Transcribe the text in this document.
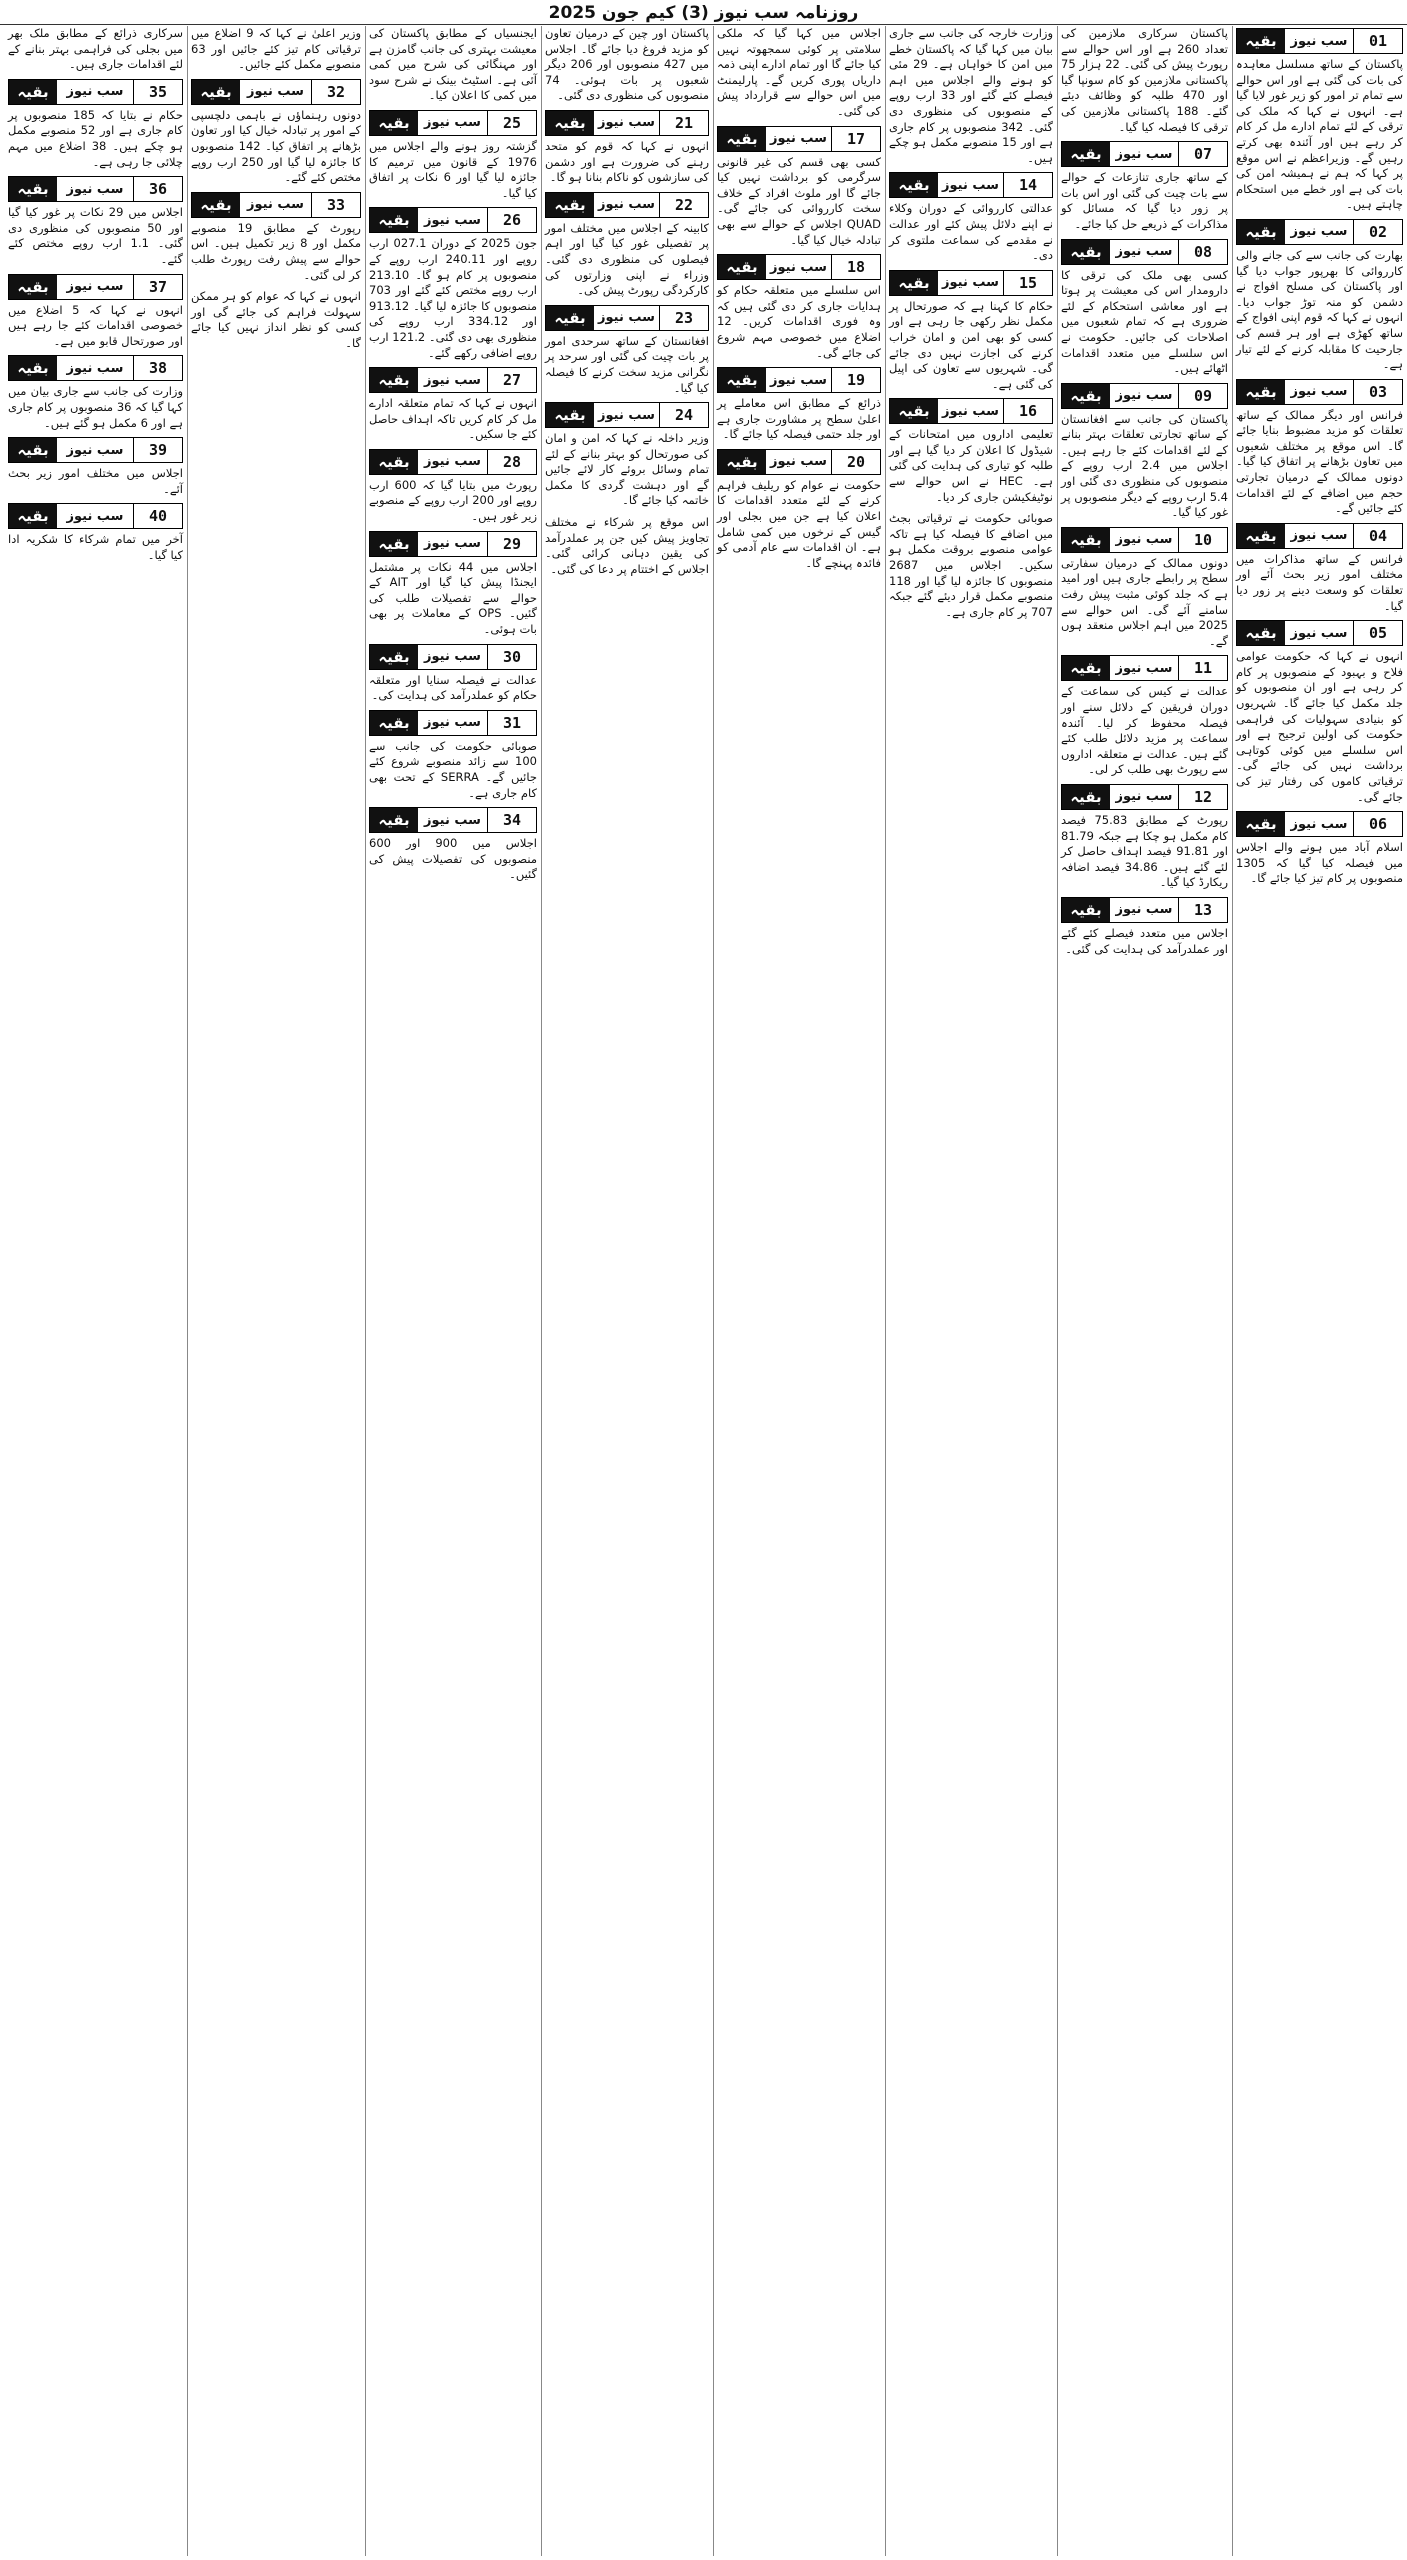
روزنامہ سب نیوز (3) کیم جون 2025
01
سب نیوز
بقیہ

پاکستان کے ساتھ مسلسل معاہدہ کی بات کی گئی ہے اور اس حوالے سے تمام تر امور کو زیر غور لایا گیا ہے۔ انہوں نے کہا کہ ملک کی ترقی کے لئے تمام ادارے مل کر کام کر رہے ہیں اور آئندہ بھی کرتے رہیں گے۔ وزیراعظم نے اس موقع پر کہا کہ ہم نے ہمیشہ امن کی بات کی ہے اور خطے میں استحکام چاہتے ہیں۔

02
سب نیوز
بقیہ

بھارت کی جانب سے کی جانے والی کارروائی کا بھرپور جواب دیا گیا اور پاکستان کی مسلح افواج نے دشمن کو منہ توڑ جواب دیا۔ انہوں نے کہا کہ قوم اپنی افواج کے ساتھ کھڑی ہے اور ہر قسم کی جارحیت کا مقابلہ کرنے کے لئے تیار ہے۔

03
سب نیوز
بقیہ

فرانس اور دیگر ممالک کے ساتھ تعلقات کو مزید مضبوط بنایا جائے گا۔ اس موقع پر مختلف شعبوں میں تعاون بڑھانے پر اتفاق کیا گیا۔ دونوں ممالک کے درمیان تجارتی حجم میں اضافے کے لئے اقدامات کئے جائیں گے۔

04
سب نیوز
بقیہ

فرانس کے ساتھ مذاکرات میں مختلف امور زیر بحث آئے اور تعلقات کو وسعت دینے پر زور دیا گیا۔

05
سب نیوز
بقیہ

انہوں نے کہا کہ حکومت عوامی فلاح و بہبود کے منصوبوں پر کام کر رہی ہے اور ان منصوبوں کو جلد مکمل کیا جائے گا۔ شہریوں کو بنیادی سہولیات کی فراہمی حکومت کی اولین ترجیح ہے اور اس سلسلے میں کوئی کوتاہی برداشت نہیں کی جائے گی۔ ترقیاتی کاموں کی رفتار تیز کی جائے گی۔

06
سب نیوز
بقیہ

اسلام آباد میں ہونے والے اجلاس میں فیصلہ کیا گیا کہ 1305 منصوبوں پر کام تیز کیا جائے گا۔

پاکستان سرکاری ملازمین کی تعداد 260 ہے اور اس حوالے سے رپورٹ پیش کی گئی۔ 22 ہزار 75 پاکستانی ملازمین کو کام سونپا گیا اور 470 طلبہ کو وظائف دیئے گئے۔ 188 پاکستانی ملازمین کی ترقی کا فیصلہ کیا گیا۔

07
سب نیوز
بقیہ

کے ساتھ جاری تنازعات کے حوالے سے بات چیت کی گئی اور اس بات پر زور دیا گیا کہ مسائل کو مذاکرات کے ذریعے حل کیا جائے۔

08
سب نیوز
بقیہ

کسی بھی ملک کی ترقی کا دارومدار اس کی معیشت پر ہوتا ہے اور معاشی استحکام کے لئے ضروری ہے کہ تمام شعبوں میں اصلاحات کی جائیں۔ حکومت نے اس سلسلے میں متعدد اقدامات اٹھائے ہیں۔

09
سب نیوز
بقیہ

پاکستان کی جانب سے افغانستان کے ساتھ تجارتی تعلقات بہتر بنانے کے لئے اقدامات کئے جا رہے ہیں۔ اجلاس میں 2.4 ارب روپے کے منصوبوں کی منظوری دی گئی اور 5.4 ارب روپے کے دیگر منصوبوں پر غور کیا گیا۔

10
سب نیوز
بقیہ

دونوں ممالک کے درمیان سفارتی سطح پر رابطے جاری ہیں اور امید ہے کہ جلد کوئی مثبت پیش رفت سامنے آئے گی۔ اس حوالے سے 2025 میں اہم اجلاس منعقد ہوں گے۔

11
سب نیوز
بقیہ

عدالت نے کیس کی سماعت کے دوران فریقین کے دلائل سنے اور فیصلہ محفوظ کر لیا۔ آئندہ سماعت پر مزید دلائل طلب کئے گئے ہیں۔ عدالت نے متعلقہ اداروں سے رپورٹ بھی طلب کر لی۔

12
سب نیوز
بقیہ

رپورٹ کے مطابق 75.83 فیصد کام مکمل ہو چکا ہے جبکہ 81.79 اور 91.81 فیصد اہداف حاصل کر لئے گئے ہیں۔ 34.86 فیصد اضافہ ریکارڈ کیا گیا۔

13
سب نیوز
بقیہ

اجلاس میں متعدد فیصلے کئے گئے اور عملدرآمد کی ہدایت کی گئی۔

وزارت خارجہ کی جانب سے جاری بیان میں کہا گیا کہ پاکستان خطے میں امن کا خواہاں ہے۔ 29 مئی کو ہونے والے اجلاس میں اہم فیصلے کئے گئے اور 33 ارب روپے کے منصوبوں کی منظوری دی گئی۔ 342 منصوبوں پر کام جاری ہے اور 15 منصوبے مکمل ہو چکے ہیں۔

14
سب نیوز
بقیہ

عدالتی کارروائی کے دوران وکلاء نے اپنے دلائل پیش کئے اور عدالت نے مقدمے کی سماعت ملتوی کر دی۔

15
سب نیوز
بقیہ

حکام کا کہنا ہے کہ صورتحال پر مکمل نظر رکھی جا رہی ہے اور کسی کو بھی امن و امان خراب کرنے کی اجازت نہیں دی جائے گی۔ شہریوں سے تعاون کی اپیل کی گئی ہے۔

16
سب نیوز
بقیہ

تعلیمی اداروں میں امتحانات کے شیڈول کا اعلان کر دیا گیا ہے اور طلبہ کو تیاری کی ہدایت کی گئی ہے۔ HEC نے اس حوالے سے نوٹیفکیشن جاری کر دیا۔

صوبائی حکومت نے ترقیاتی بجٹ میں اضافے کا فیصلہ کیا ہے تاکہ عوامی منصوبے بروقت مکمل ہو سکیں۔ اجلاس میں 2687 منصوبوں کا جائزہ لیا گیا اور 118 منصوبے مکمل قرار دیئے گئے جبکہ 707 پر کام جاری ہے۔

اجلاس میں کہا گیا کہ ملکی سلامتی پر کوئی سمجھوتہ نہیں کیا جائے گا اور تمام ادارے اپنی ذمہ داریاں پوری کریں گے۔ پارلیمنٹ میں اس حوالے سے قرارداد پیش کی گئی۔

17
سب نیوز
بقیہ

کسی بھی قسم کی غیر قانونی سرگرمی کو برداشت نہیں کیا جائے گا اور ملوث افراد کے خلاف سخت کارروائی کی جائے گی۔ QUAD اجلاس کے حوالے سے بھی تبادلہ خیال کیا گیا۔

18
سب نیوز
بقیہ

اس سلسلے میں متعلقہ حکام کو ہدایات جاری کر دی گئی ہیں کہ وہ فوری اقدامات کریں۔ 12 اضلاع میں خصوصی مہم شروع کی جائے گی۔

19
سب نیوز
بقیہ

ذرائع کے مطابق اس معاملے پر اعلیٰ سطح پر مشاورت جاری ہے اور جلد حتمی فیصلہ کیا جائے گا۔

20
سب نیوز
بقیہ

حکومت نے عوام کو ریلیف فراہم کرنے کے لئے متعدد اقدامات کا اعلان کیا ہے جن میں بجلی اور گیس کے نرخوں میں کمی شامل ہے۔ ان اقدامات سے عام آدمی کو فائدہ پہنچے گا۔

پاکستان اور چین کے درمیان تعاون کو مزید فروغ دیا جائے گا۔ اجلاس میں 427 منصوبوں اور 206 دیگر شعبوں پر بات ہوئی۔ 74 منصوبوں کی منظوری دی گئی۔

21
سب نیوز
بقیہ

انہوں نے کہا کہ قوم کو متحد رہنے کی ضرورت ہے اور دشمن کی سازشوں کو ناکام بنانا ہو گا۔

22
سب نیوز
بقیہ

کابینہ کے اجلاس میں مختلف امور پر تفصیلی غور کیا گیا اور اہم فیصلوں کی منظوری دی گئی۔ وزراء نے اپنی وزارتوں کی کارکردگی رپورٹ پیش کی۔

23
سب نیوز
بقیہ

افغانستان کے ساتھ سرحدی امور پر بات چیت کی گئی اور سرحد پر نگرانی مزید سخت کرنے کا فیصلہ کیا گیا۔

24
سب نیوز
بقیہ

وزیر داخلہ نے کہا کہ امن و امان کی صورتحال کو بہتر بنانے کے لئے تمام وسائل بروئے کار لائے جائیں گے اور دہشت گردی کا مکمل خاتمہ کیا جائے گا۔

اس موقع پر شرکاء نے مختلف تجاویز پیش کیں جن پر عملدرآمد کی یقین دہانی کرائی گئی۔ اجلاس کے اختتام پر دعا کی گئی۔

ایجنسیاں کے مطابق پاکستان کی معیشت بہتری کی جانب گامزن ہے اور مہنگائی کی شرح میں کمی آئی ہے۔ اسٹیٹ بینک نے شرح سود میں کمی کا اعلان کیا۔

25
سب نیوز
بقیہ

گزشتہ روز ہونے والے اجلاس میں 1976 کے قانون میں ترمیم کا جائزہ لیا گیا اور 6 نکات پر اتفاق کیا گیا۔

26
سب نیوز
بقیہ

جون 2025 کے دوران 027.1 ارب روپے اور 240.11 ارب روپے کے منصوبوں پر کام ہو گا۔ 213.10 ارب روپے مختص کئے گئے اور 703 منصوبوں کا جائزہ لیا گیا۔ 913.12 اور 334.12 ارب روپے کی منظوری بھی دی گئی۔ 121.2 ارب روپے اضافی رکھے گئے۔

27
سب نیوز
بقیہ

انہوں نے کہا کہ تمام متعلقہ ادارے مل کر کام کریں تاکہ اہداف حاصل کئے جا سکیں۔

28
سب نیوز
بقیہ

رپورٹ میں بتایا گیا کہ 600 ارب روپے اور 200 ارب روپے کے منصوبے زیر غور ہیں۔

29
سب نیوز
بقیہ

اجلاس میں 44 نکات پر مشتمل ایجنڈا پیش کیا گیا اور AIT کے حوالے سے تفصیلات طلب کی گئیں۔ OPS کے معاملات پر بھی بات ہوئی۔

30
سب نیوز
بقیہ

عدالت نے فیصلہ سنایا اور متعلقہ حکام کو عملدرآمد کی ہدایت کی۔

31
سب نیوز
بقیہ

صوبائی حکومت کی جانب سے 100 سے زائد منصوبے شروع کئے جائیں گے۔ SERRA کے تحت بھی کام جاری ہے۔

34
سب نیوز
بقیہ

اجلاس میں 900 اور 600 منصوبوں کی تفصیلات پیش کی گئیں۔

وزیر اعلیٰ نے کہا کہ 9 اضلاع میں ترقیاتی کام تیز کئے جائیں اور 63 منصوبے مکمل کئے جائیں۔

32
سب نیوز
بقیہ

دونوں رہنماؤں نے باہمی دلچسپی کے امور پر تبادلہ خیال کیا اور تعاون بڑھانے پر اتفاق کیا۔ 142 منصوبوں کا جائزہ لیا گیا اور 250 ارب روپے مختص کئے گئے۔

33
سب نیوز
بقیہ

رپورٹ کے مطابق 19 منصوبے مکمل اور 8 زیر تکمیل ہیں۔ اس حوالے سے پیش رفت رپورٹ طلب کر لی گئی۔

انہوں نے کہا کہ عوام کو ہر ممکن سہولت فراہم کی جائے گی اور کسی کو نظر انداز نہیں کیا جائے گا۔

سرکاری ذرائع کے مطابق ملک بھر میں بجلی کی فراہمی بہتر بنانے کے لئے اقدامات جاری ہیں۔

35
سب نیوز
بقیہ

حکام نے بتایا کہ 185 منصوبوں پر کام جاری ہے اور 52 منصوبے مکمل ہو چکے ہیں۔ 38 اضلاع میں مہم چلائی جا رہی ہے۔

36
سب نیوز
بقیہ

اجلاس میں 29 نکات پر غور کیا گیا اور 50 منصوبوں کی منظوری دی گئی۔ 1.1 ارب روپے مختص کئے گئے۔

37
سب نیوز
بقیہ

انہوں نے کہا کہ 5 اضلاع میں خصوصی اقدامات کئے جا رہے ہیں اور صورتحال قابو میں ہے۔

38
سب نیوز
بقیہ

وزارت کی جانب سے جاری بیان میں کہا گیا کہ 36 منصوبوں پر کام جاری ہے اور 6 مکمل ہو گئے ہیں۔

39
سب نیوز
بقیہ

اجلاس میں مختلف امور زیر بحث آئے۔

40
سب نیوز
بقیہ

آخر میں تمام شرکاء کا شکریہ ادا کیا گیا۔
